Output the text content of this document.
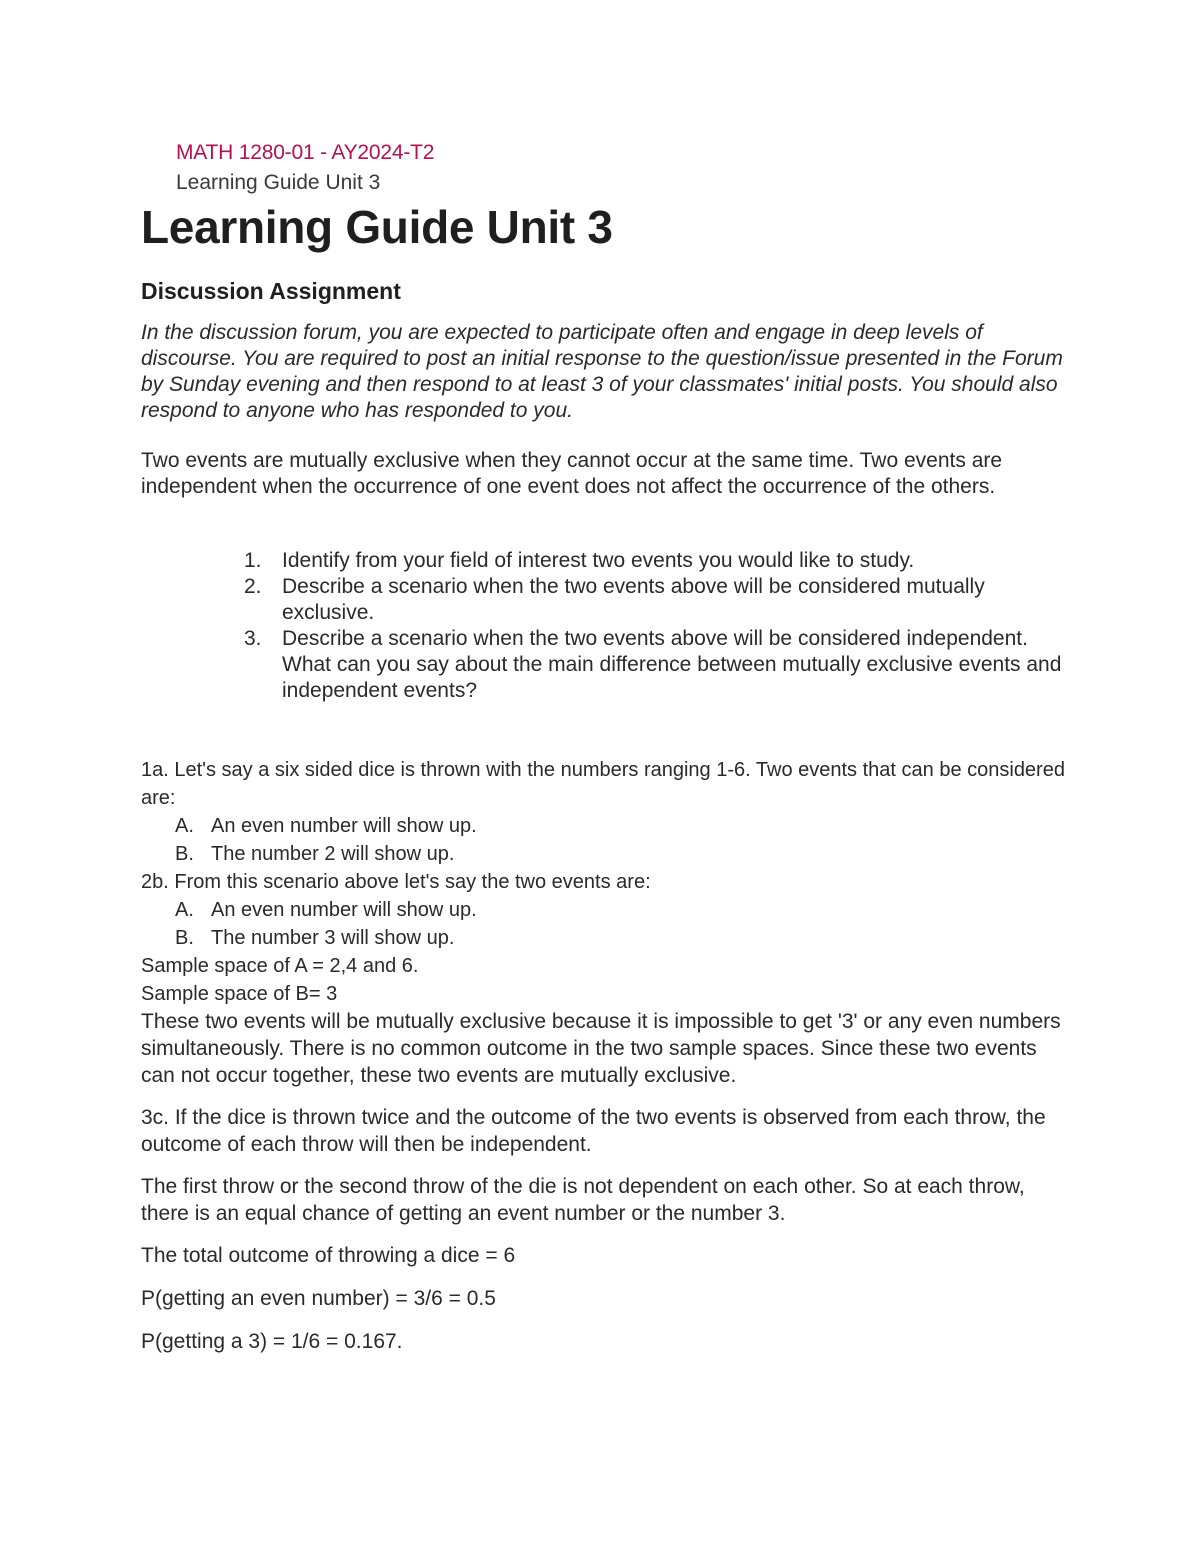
MATH 1280-01 - AY2024-T2
Learning Guide Unit 3
Learning Guide Unit 3
Discussion Assignment

In the discussion forum, you are expected to participate often and engage in deep levels of discourse. You are required to post an initial response to the question/issue presented in the Forum by Sunday evening and then respond to at least 3 of your classmates' initial posts. You should also respond to anyone who has responded to you.

Two events are mutually exclusive when they cannot occur at the same time. Two events are independent when the occurrence of one event does not affect the occurrence of the others.

1. Identify from your field of interest two events you would like to study.
2. Describe a scenario when the two events above will be considered mutually exclusive.
3. Describe a scenario when the two events above will be considered independent. What can you say about the main difference between mutually exclusive events and independent events?

1a. Let's say a six sided dice is thrown with the numbers ranging 1-6. Two events that can be considered are:

A. An even number will show up.
B. The number 2 will show up.

2b. From this scenario above let's say the two events are:

A. An even number will show up.
B. The number 3 will show up.

Sample space of A = 2,4 and 6.

Sample space of B= 3

These two events will be mutually exclusive because it is impossible to get '3' or any even numbers simultaneously. There is no common outcome in the two sample spaces. Since these two events can not occur together, these two events are mutually exclusive.

3c. If the dice is thrown twice and the outcome of the two events is observed from each throw, the outcome of each throw will then be independent.

The first throw or the second throw of the die is not dependent on each other. So at each throw, there is an equal chance of getting an event number or the number 3.

The total outcome of throwing a dice = 6

P(getting an even number) = 3/6 = 0.5

P(getting a 3) = 1/6 = 0.167.
